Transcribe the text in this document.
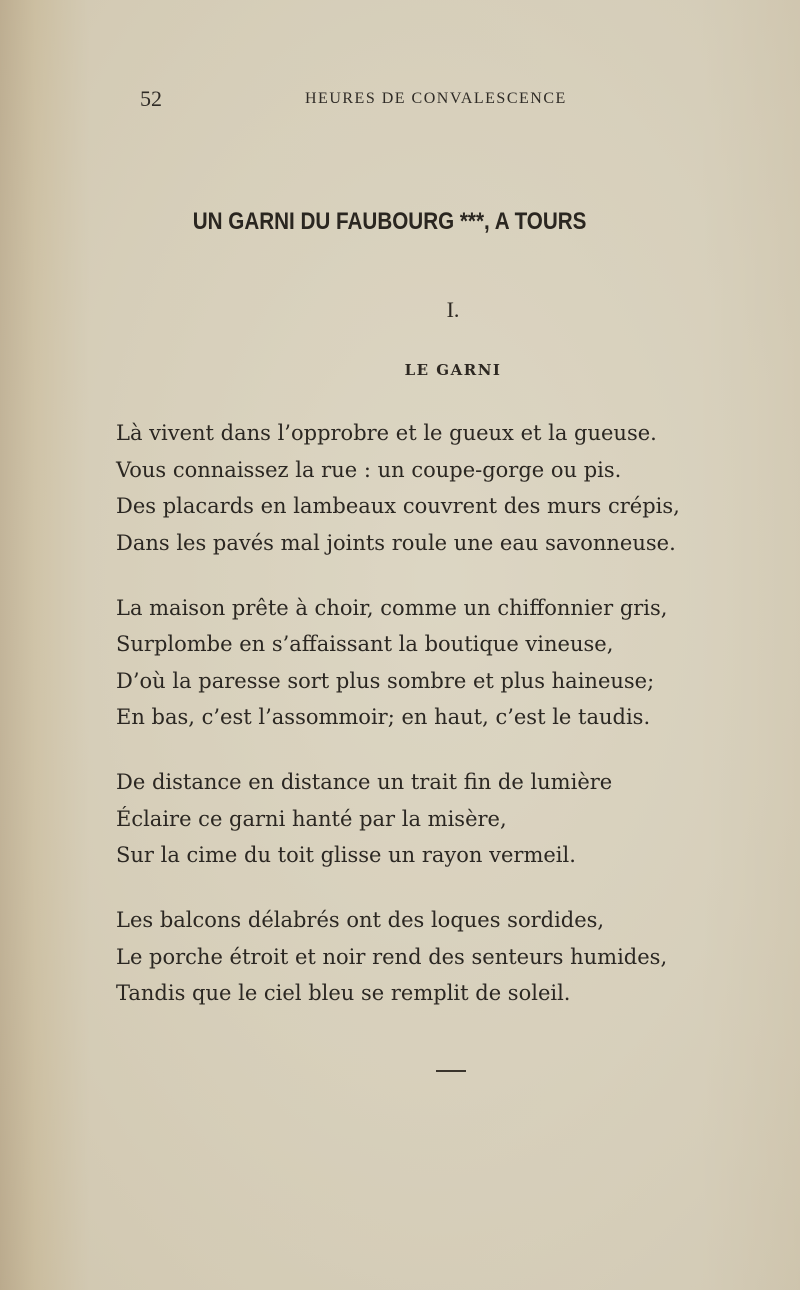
52	HEURES DE CONVALESCENCE
UN GARNI DU FAUBOURG ***, A TOURS
I.
LE GARNI
Là vivent dans l’opprobre et le gueux et la gueuse.
Vous connaissez la rue : un coupe-gorge ou pis.
Des placards en lambeaux couvrent des murs crépis,
Dans les pavés mal joints roule une eau savonneuse.
La maison prête à choir, comme un chiffonnier gris,
Surplombe en s’affaissant la boutique vineuse,
D’où la paresse sort plus sombre et plus haineuse;
En bas, c’est l’assommoir; en haut, c’est le taudis.
De distance en distance un trait fin de lumière
Éclaire ce garni hanté par la misère,
Sur la cime du toit glisse un rayon vermeil.
Les balcons délabrés ont des loques sordides,
Le porche étroit et noir rend des senteurs humides,
Tandis que le ciel bleu se remplit de soleil.
